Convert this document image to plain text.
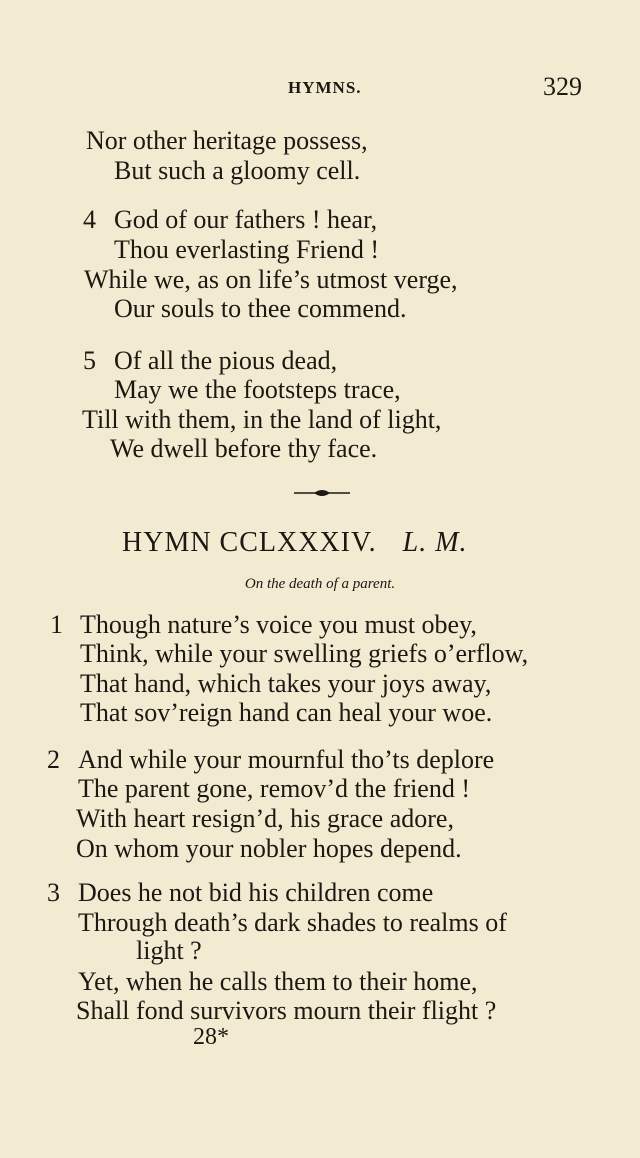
HYMNS.	329
Nor other heritage possess,
But such a gloomy cell.
4 God of our fathers ! hear,
Thou everlasting Friend !
While we, as on life’s utmost verge,
Our souls to thee commend.
5 Of all the pious dead,
May we the footsteps trace,
Till with them, in the land of light,
We dwell before thy face.
HYMN CCLXXXIV. L. M.
On the death of a parent.
1 Though nature’s voice you must obey,
Think, while your swelling griefs o’erflow,
That hand, which takes your joys away,
That sov’reign hand can heal your woe.
2 And while your mournful tho’ts deplore
The parent gone, remov’d the friend !
With heart resign’d, his grace adore,
On whom your nobler hopes depend.
3 Does he not bid his children come
Through death’s dark shades to realms of
light ?
Yet, when he calls them to their home,
Shall fond survivors mourn their flight ?
28*
